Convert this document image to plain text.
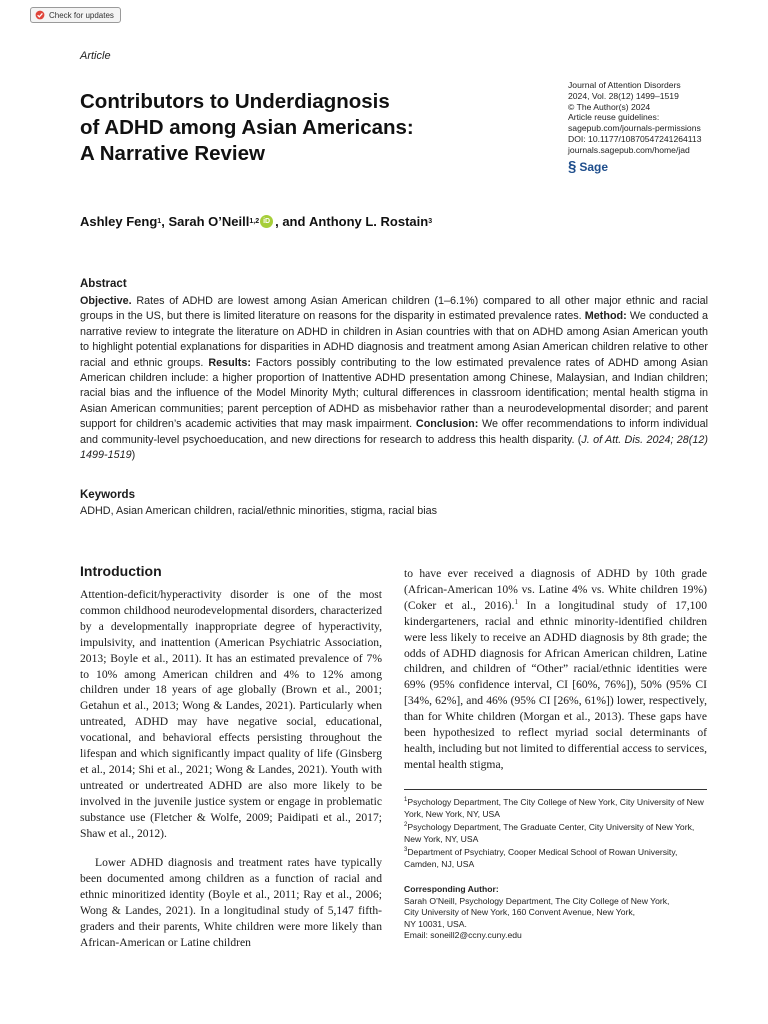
Check for updates
Article
Contributors to Underdiagnosis
of ADHD among Asian Americans:
A Narrative Review
Journal of Attention Disorders
2024, Vol. 28(12) 1499–1519
© The Author(s) 2024
Article reuse guidelines:
sagepub.com/journals-permissions
DOI: 10.1177/10870547241264113
journals.sagepub.com/home/jad
§ Sage
Ashley Feng 1 , Sarah O’Neill 1,2 iD , and Anthony L. Rostain 3
Abstract

Objective. Rates of ADHD are lowest among Asian American children (1–6.1%) compared to all other major ethnic and racial groups in the US, but there is limited literature on reasons for the disparity in estimated prevalence rates. Method: We conducted a narrative review to integrate the literature on ADHD in children in Asian countries with that on ADHD among Asian American youth to highlight potential explanations for disparities in ADHD diagnosis and treatment among Asian American children relative to other racial and ethnic groups. Results: Factors possibly contributing to the low estimated prevalence rates of ADHD among Asian American children include: a higher proportion of Inattentive ADHD presentation among Chinese, Malaysian, and Indian children; racial bias and the influence of the Model Minority Myth; cultural differences in classroom identification; mental health stigma in Asian American communities; parent perception of ADHD as misbehavior rather than a neurodevelopmental disorder; and parent support for children’s academic activities that may mask impairment. Conclusion: We offer recommendations to inform individual and community-level psychoeducation, and new directions for research to address this health disparity. (J. of Att. Dis. 2024; 28(12) 1499-1519)

Keywords
ADHD, Asian American children, racial/ethnic minorities, stigma, racial bias
Introduction

Attention-deficit/hyperactivity disorder is one of the most common childhood neurodevelopmental disorders, characterized by a developmentally inappropriate degree of hyperactivity, impulsivity, and inattention (American Psychiatric Association, 2013; Boyle et al., 2011). It has an estimated prevalence of 7% to 10% among American children and 4% to 12% among children under 18 years of age globally (Brown et al., 2001; Getahun et al., 2013; Wong & Landes, 2021). Particularly when untreated, ADHD may have negative social, educational, vocational, and behavioral effects persisting throughout the lifespan and which significantly impact quality of life (Ginsberg et al., 2014; Shi et al., 2021; Wong & Landes, 2021). Youth with untreated or undertreated ADHD are also more likely to be involved in the juvenile justice system or engage in problematic substance use (Fletcher & Wolfe, 2009; Paidipati et al., 2017; Shaw et al., 2012).

Lower ADHD diagnosis and treatment rates have typically been documented among children as a function of racial and ethnic minoritized identity (Boyle et al., 2011; Ray et al., 2006; Wong & Landes, 2021). In a longitudinal study of 5,147 fifth-graders and their parents, White children were more likely than African-American or Latine children

to have ever received a diagnosis of ADHD by 10th grade (African-American 10% vs. Latine 4% vs. White children 19%) (Coker et al., 2016).$^1$ In a longitudinal study of 17,100 kindergarteners, racial and ethnic minority-identified children were less likely to receive an ADHD diagnosis by 8th grade; the odds of ADHD diagnosis for African American children, Latine children, and children of “Other” racial/ethnic identities were 69% (95% confidence interval, CI [60%, 76%]), 50% (95% CI [34%, 62%], and 46% (95% CI [26%, 61%]) lower, respectively, than for White children (Morgan et al., 2013). These gaps have been hypothesized to reflect myriad social determinants of health, including but not limited to differential access to services, mental health stigma,

$^1$Psychology Department, The City College of New York, City University of New York, New York, NY, USA
$^2$Psychology Department, The Graduate Center, City University of New York, New York, NY, USA
$^3$Department of Psychiatry, Cooper Medical School of Rowan University, Camden, NJ, USA
Corresponding Author:
Sarah O’Neill, Psychology Department, The City College of New York,
City University of New York, 160 Convent Avenue, New York,
NY 10031, USA.
Email: soneill2@ccny.cuny.edu
